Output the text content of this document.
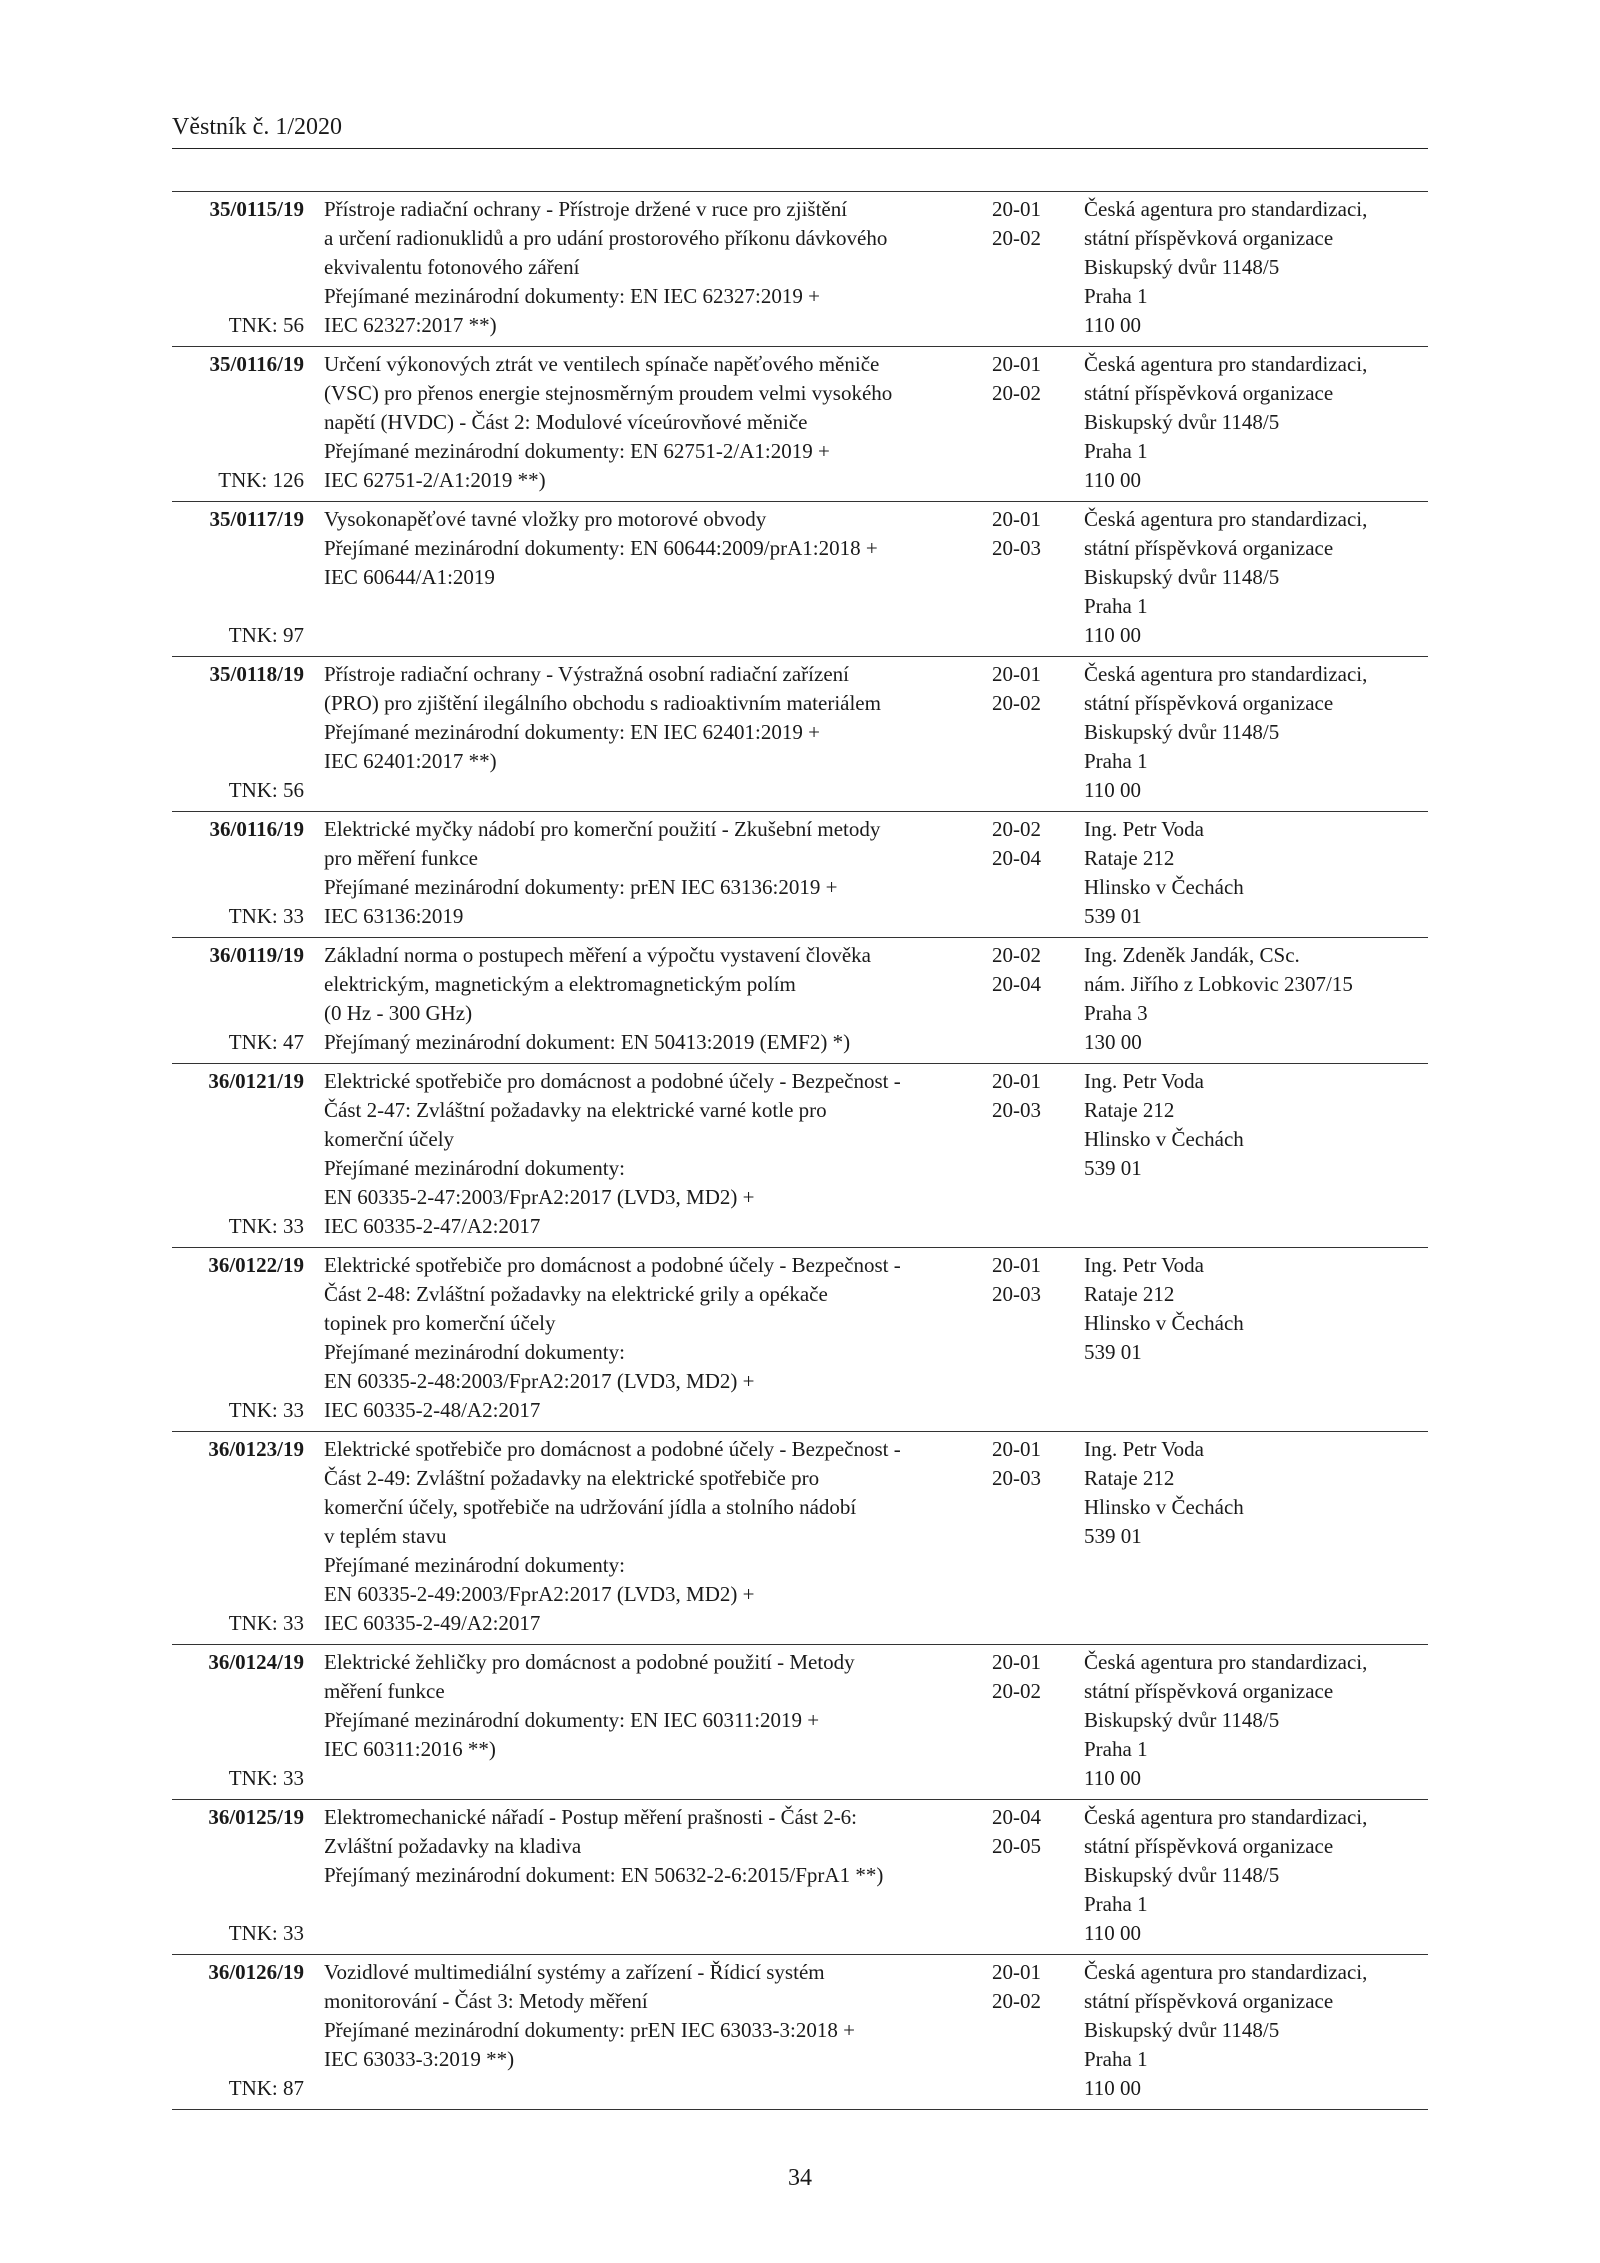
Věstník č. 1/2020
35/0115/19
TNK: 56
Přístroje radiační ochrany - Přístroje držené v ruce pro zjištění
a určení radionuklidů a pro udání prostorového příkonu dávkového
ekvivalentu fotonového záření
Přejímané mezinárodní dokumenty: EN IEC 62327:2019 +
IEC 62327:2017 **)
20-01
20-02
Česká agentura pro standardizaci,
státní příspěvková organizace
Biskupský dvůr 1148/5
Praha 1
110 00
35/0116/19
TNK: 126
Určení výkonových ztrát ve ventilech spínače napěťového měniče
(VSC) pro přenos energie stejnosměrným proudem velmi vysokého
napětí (HVDC) - Část 2: Modulové víceúrovňové měniče
Přejímané mezinárodní dokumenty: EN 62751-2/A1:2019 +
IEC 62751-2/A1:2019 **)
20-01
20-02
Česká agentura pro standardizaci,
státní příspěvková organizace
Biskupský dvůr 1148/5
Praha 1
110 00
35/0117/19
TNK: 97
Vysokonapěťové tavné vložky pro motorové obvody
Přejímané mezinárodní dokumenty: EN 60644:2009/prA1:2018 +
IEC 60644/A1:2019
20-01
20-03
Česká agentura pro standardizaci,
státní příspěvková organizace
Biskupský dvůr 1148/5
Praha 1
110 00
35/0118/19
TNK: 56
Přístroje radiační ochrany - Výstražná osobní radiační zařízení
(PRO) pro zjištění ilegálního obchodu s radioaktivním materiálem
Přejímané mezinárodní dokumenty: EN IEC 62401:2019 +
IEC 62401:2017 **)
20-01
20-02
Česká agentura pro standardizaci,
státní příspěvková organizace
Biskupský dvůr 1148/5
Praha 1
110 00
36/0116/19
TNK: 33
Elektrické myčky nádobí pro komerční použití - Zkušební metody
pro měření funkce
Přejímané mezinárodní dokumenty: prEN IEC 63136:2019 +
IEC 63136:2019
20-02
20-04
Ing. Petr Voda
Rataje 212
Hlinsko v Čechách
539 01
36/0119/19
TNK: 47
Základní norma o postupech měření a výpočtu vystavení člověka
elektrickým, magnetickým a elektromagnetickým polím
(0 Hz - 300 GHz)
Přejímaný mezinárodní dokument: EN 50413:2019 (EMF2) *)
20-02
20-04
Ing. Zdeněk Jandák, CSc.
nám. Jiřího z Lobkovic 2307/15
Praha 3
130 00
36/0121/19
TNK: 33
Elektrické spotřebiče pro domácnost a podobné účely - Bezpečnost -
Část 2-47: Zvláštní požadavky na elektrické varné kotle pro
komerční účely
Přejímané mezinárodní dokumenty:
EN 60335-2-47:2003/FprA2:2017 (LVD3, MD2) +
IEC 60335-2-47/A2:2017
20-01
20-03
Ing. Petr Voda
Rataje 212
Hlinsko v Čechách
539 01
36/0122/19
TNK: 33
Elektrické spotřebiče pro domácnost a podobné účely - Bezpečnost -
Část 2-48: Zvláštní požadavky na elektrické grily a opékače
topinek pro komerční účely
Přejímané mezinárodní dokumenty:
EN 60335-2-48:2003/FprA2:2017 (LVD3, MD2) +
IEC 60335-2-48/A2:2017
20-01
20-03
Ing. Petr Voda
Rataje 212
Hlinsko v Čechách
539 01
36/0123/19
TNK: 33
Elektrické spotřebiče pro domácnost a podobné účely - Bezpečnost -
Část 2-49: Zvláštní požadavky na elektrické spotřebiče pro
komerční účely, spotřebiče na udržování jídla a stolního nádobí
v teplém stavu
Přejímané mezinárodní dokumenty:
EN 60335-2-49:2003/FprA2:2017 (LVD3, MD2) +
IEC 60335-2-49/A2:2017
20-01
20-03
Ing. Petr Voda
Rataje 212
Hlinsko v Čechách
539 01
36/0124/19
TNK: 33
Elektrické žehličky pro domácnost a podobné použití - Metody
měření funkce
Přejímané mezinárodní dokumenty: EN IEC 60311:2019 +
IEC 60311:2016 **)
20-01
20-02
Česká agentura pro standardizaci,
státní příspěvková organizace
Biskupský dvůr 1148/5
Praha 1
110 00
36/0125/19
TNK: 33
Elektromechanické nářadí - Postup měření prašnosti - Část 2-6:
Zvláštní požadavky na kladiva
Přejímaný mezinárodní dokument: EN 50632-2-6:2015/FprA1 **)
20-04
20-05
Česká agentura pro standardizaci,
státní příspěvková organizace
Biskupský dvůr 1148/5
Praha 1
110 00
36/0126/19
TNK: 87
Vozidlové multimediální systémy a zařízení - Řídicí systém
monitorování - Část 3: Metody měření
Přejímané mezinárodní dokumenty: prEN IEC 63033-3:2018 +
IEC 63033-3:2019 **)
20-01
20-02
Česká agentura pro standardizaci,
státní příspěvková organizace
Biskupský dvůr 1148/5
Praha 1
110 00
34
